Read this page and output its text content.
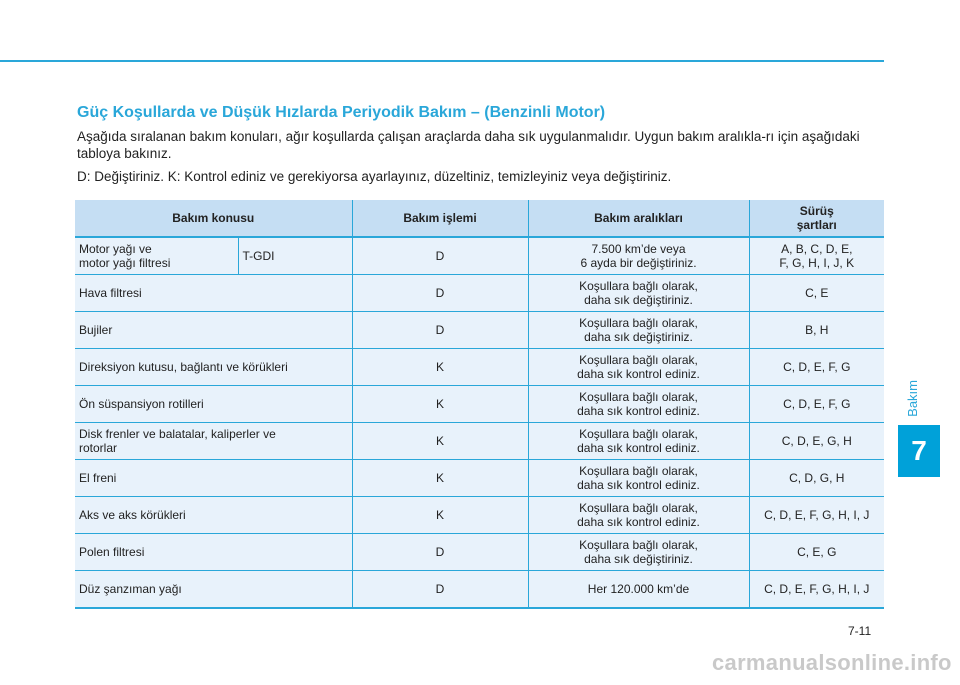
Bakım
7
Güç Koşullarda ve Düşük Hızlarda Periyodik Bakım – (Benzinli Motor)

Aşağıda sıralanan bakım konuları, ağır koşullarda çalışan araçlarda daha sık uygulanmalıdır. Uygun bakım aralıkla-rı için aşağıdaki tabloya bakınız.

D: Değiştiriniz. K: Kontrol ediniz ve gerekiyorsa ayarlayınız, düzeltiniz, temizleyiniz veya değiştiriniz.

Bakım konusu		Bakım işlemi	Bakım aralıkları	Sürüş
şartları
Motor yağı ve
motor yağı filtresi	T-GDI	D	7.500 km’de veya
6 ayda bir değiştiriniz.	A, B, C, D, E,
F, G, H, I, J, K
Hava filtresi		D	Koşullara bağlı olarak,
daha sık değiştiriniz.	C, E
Bujiler		D	Koşullara bağlı olarak,
daha sık değiştiriniz.	B, H
Direksiyon kutusu, bağlantı ve körükleri		K	Koşullara bağlı olarak,
daha sık kontrol ediniz.	C, D, E, F, G
Ön süspansiyon rotilleri		K	Koşullara bağlı olarak,
daha sık kontrol ediniz.	C, D, E, F, G
Disk frenler ve balatalar, kaliperler ve
rotorlar		K	Koşullara bağlı olarak,
daha sık kontrol ediniz.	C, D, E, G, H
El freni		K	Koşullara bağlı olarak,
daha sık kontrol ediniz.	C, D, G, H
Aks ve aks körükleri		K	Koşullara bağlı olarak,
daha sık kontrol ediniz.	C, D, E, F, G, H, I, J
Polen filtresi		D	Koşullara bağlı olarak,
daha sık değiştiriniz.	C, E, G
Düz şanzıman yağı		D	Her 120.000 km’de	C, D, E, F, G, H, I, J
7-11
carmanualsonline.info
